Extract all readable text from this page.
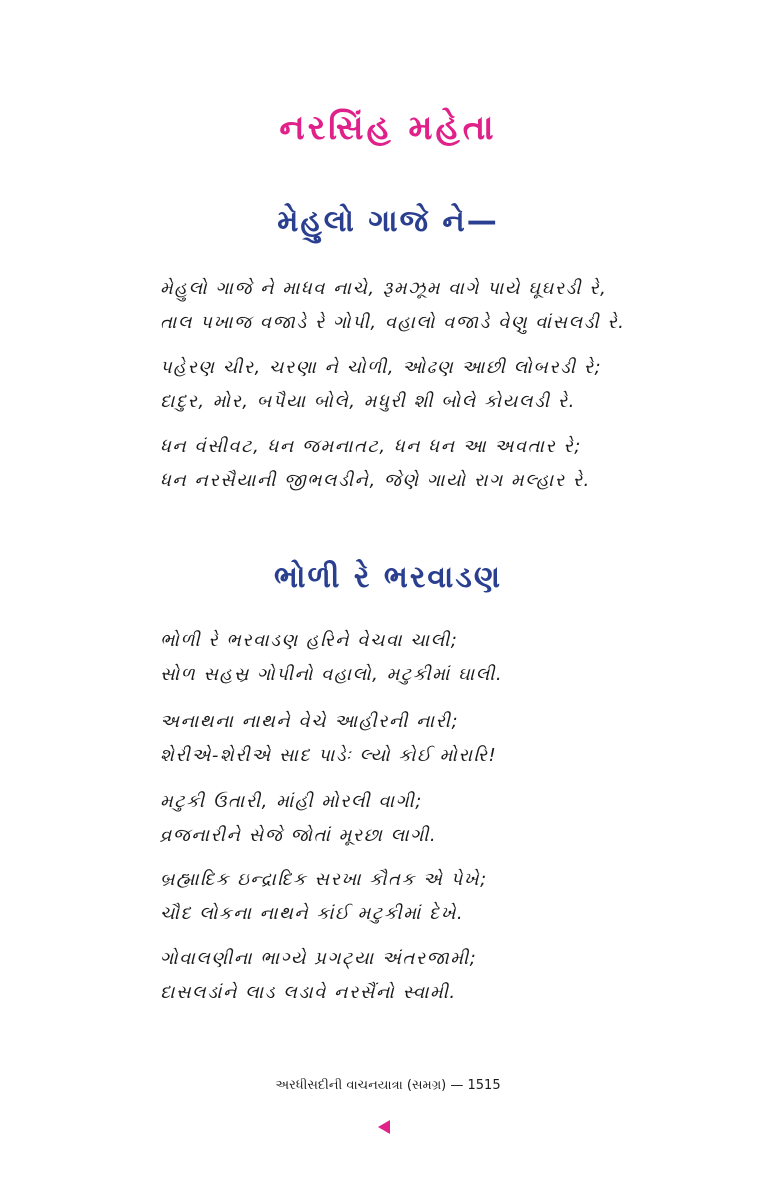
નરસિંહ મહેતા
મેહુલો ગાજે ને—
મેહુલો ગાજે ને માધવ નાચે, રૂમઝૂમ વાગે પાયે ઘૂઘરડી રે,
તાલ પખાજ વજાડે રે ગોપી, વહાલો વજાડે વેણુ વાંસલડી રે.
પહેરણ ચીર, ચરણા ને ચોળી, ઓઢણ આછી લોબરડી રે;
દાદુર, મોર, બપૈયા બોલે, મધુરી શી બોલે કોયલડી રે.
ધન વંસીવટ, ધન જમનાતટ, ધન ધન આ અવતાર રે;
ધન નરસૈયાની જીભલડીને, જેણે ગાયો રાગ મલ્હાર રે.
ભોળી રે ભરવાડણ
ભોળી રે ભરવાડણ હરિને વેચવા ચાલી;
સોળ સહસ્ર ગોપીનો વહાલો, મટુકીમાં ઘાલી.
અનાથના નાથને વેચે આહીરની નારી;
શેરીએ-શેરીએ સાદ પાડેઃ લ્યો કોઈ મોરારિ!
મટુકી ઉતારી, માંહી મોરલી વાગી;
વ્રજનારીને સેજે જોતાં મૂરછા લાગી.
બ્રહ્માદિક ઇન્દ્રાદિક સરખા કૌતક એ પેખે;
ચૌદ લોકના નાથને કાંઈ મટુકીમાં દેખે.
ગોવાલણીના ભાગ્યે પ્રગટ્યા અંતરજામી;
દાસલડાંને લાડ લડાવે નરસૈંનો સ્વામી.
અરધીસદીની વાચનયાત્રા (સમગ્ર) — 1515
